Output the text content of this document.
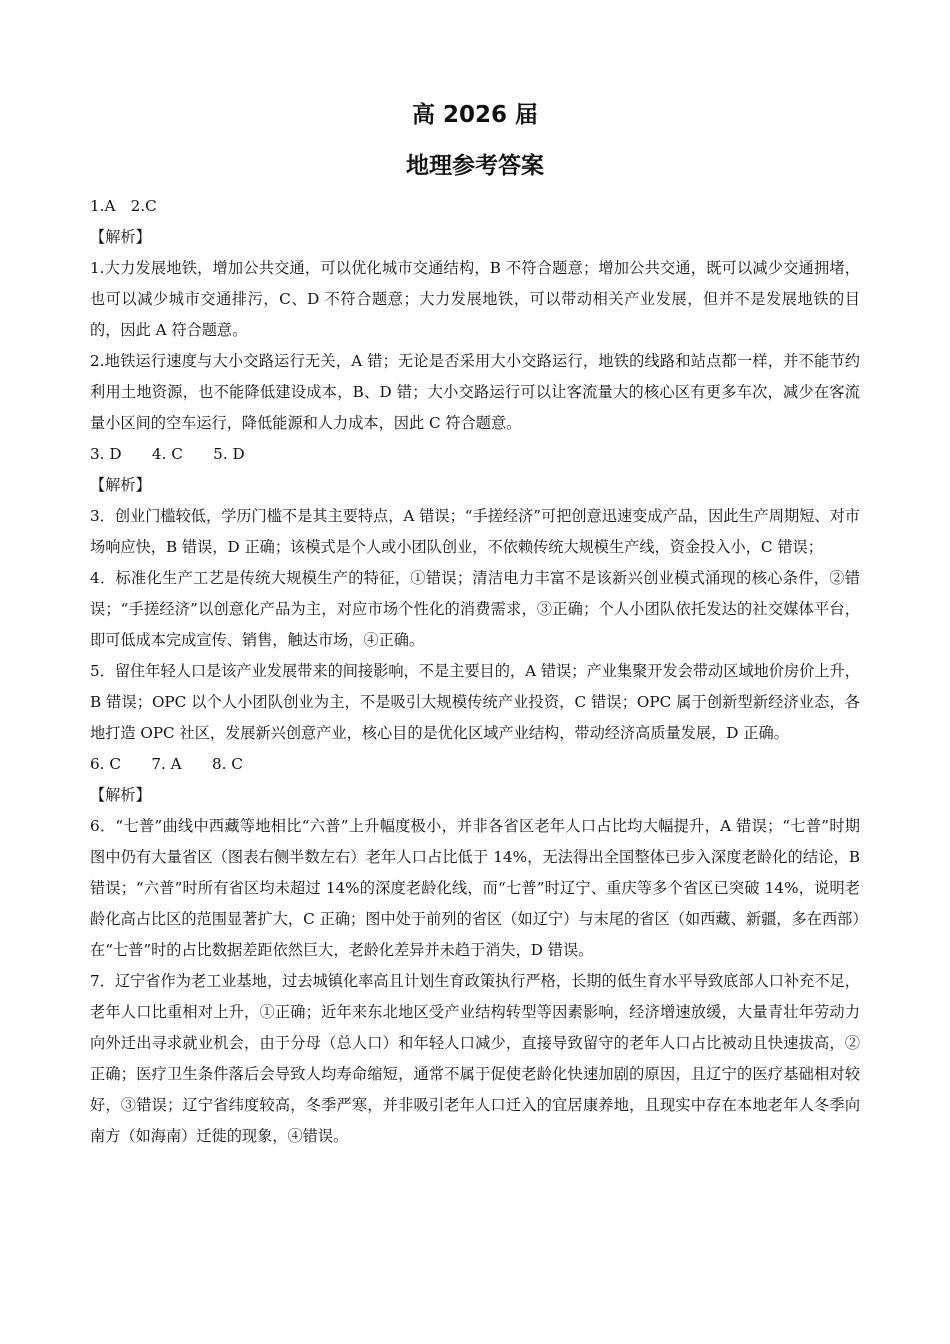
高 2026 届
地理参考答案

1.A　2.C

【解析】

1.大力发展地铁，增加公共交通，可以优化城市交通结构，B 不符合题意；增加公共交通，既可以减少交通拥堵，也可以减少城市交通排污，C、D 不符合题意；大力发展地铁，可以带动相关产业发展，但并不是发展地铁的目的，因此 A 符合题意。

2.地铁运行速度与大小交路运行无关，A 错；无论是否采用大小交路运行，地铁的线路和站点都一样，并不能节约利用土地资源，也不能降低建设成本，B、D 错；大小交路运行可以让客流量大的核心区有更多车次，减少在客流量小区间的空车运行，降低能源和人力成本，因此 C 符合题意。

3. D　　4. C　　5. D

【解析】

3．创业门槛较低，学历门槛不是其主要特点，A 错误；“手搓经济”可把创意迅速变成产品，因此生产周期短、对市场响应快，B 错误，D 正确；该模式是个人或小团队创业，不依赖传统大规模生产线，资金投入小，C 错误；

4．标准化生产工艺是传统大规模生产的特征，①错误；清洁电力丰富不是该新兴创业模式涌现的核心条件，②错误；“手搓经济”以创意化产品为主，对应市场个性化的消费需求，③正确；个人小团队依托发达的社交媒体平台，即可低成本完成宣传、销售，触达市场，④正确。

5．留住年轻人口是该产业发展带来的间接影响，不是主要目的，A 错误；产业集聚开发会带动区域地价房价上升，B 错误；OPC 以个人小团队创业为主，不是吸引大规模传统产业投资，C 错误；OPC 属于创新型新经济业态，各地打造 OPC 社区，发展新兴创意产业，核心目的是优化区域产业结构，带动经济高质量发展，D 正确。

6. C　　7. A　　8. C

【解析】

6．“七普”曲线中西藏等地相比“六普”上升幅度极小，并非各省区老年人口占比均大幅提升，A 错误；“七普”时期图中仍有大量省区（图表右侧半数左右）老年人口占比低于 14%，无法得出全国整体已步入深度老龄化的结论，B 错误；“六普”时所有省区均未超过 14%的深度老龄化线，而“七普”时辽宁、重庆等多个省区已突破 14%，说明老龄化高占比区的范围显著扩大，C 正确；图中处于前列的省区（如辽宁）与末尾的省区（如西藏、新疆，多在西部）在“七普”时的占比数据差距依然巨大，老龄化差异并未趋于消失，D 错误。

7．辽宁省作为老工业基地，过去城镇化率高且计划生育政策执行严格，长期的低生育水平导致底部人口补充不足，老年人口比重相对上升，①正确；近年来东北地区受产业结构转型等因素影响，经济增速放缓，大量青壮年劳动力向外迁出寻求就业机会，由于分母（总人口）和年轻人口减少，直接导致留守的老年人口占比被动且快速拔高，②正确；医疗卫生条件落后会导致人均寿命缩短，通常不属于促使老龄化快速加剧的原因，且辽宁的医疗基础相对较好，③错误；辽宁省纬度较高，冬季严寒，并非吸引老年人口迁入的宜居康养地，且现实中存在本地老年人冬季向南方（如海南）迁徙的现象，④错误。
